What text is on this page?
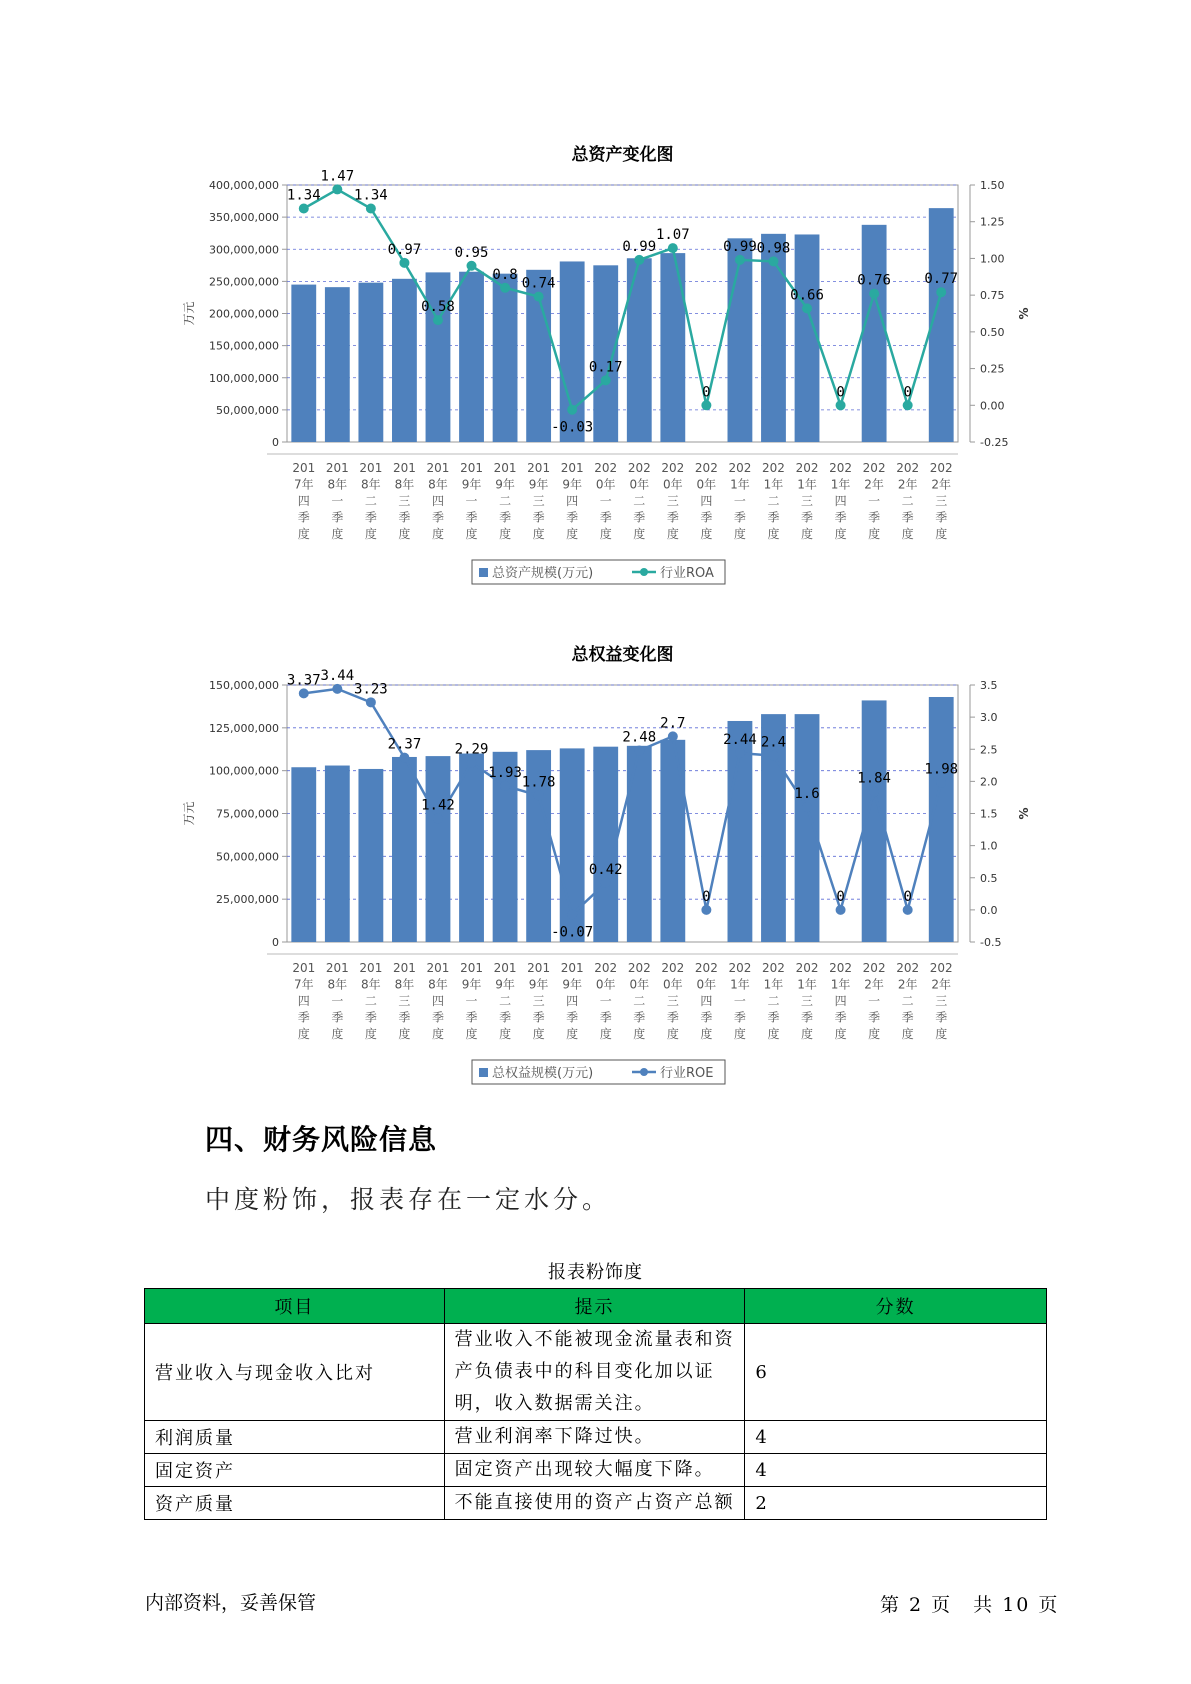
总资产变化图
0
50,000,000
100,000,000
150,000,000
200,000,000
250,000,000
300,000,000
350,000,000
400,000,000
-0.25
0.00
0.25
0.50
0.75
1.00
1.25
1.50
万元	%
1.34
1.47
1.34
0.97
0.58
0.95
0.8
0.74
-0.03
0.17
0.99
1.07
0
0.99 0.98
0.66
0
0.76
0
0.77
201 7年四季度
201 8年一季度
201 8年二季度
201 8年三季度
201 8年四季度
201 9年一季度
201 9年二季度
201 9年三季度
201 9年四季度
202 0年一季度
202 0年二季度
202 0年三季度
202 0年四季度
202 1年一季度
202 1年二季度
202 1年三季度
202 1年四季度
202 2年一季度
202 2年二季度
202 2年三季度
总资产规模(万元)	行业ROA
总权益变化图
0
25,000,000
50,000,000
75,000,000
100,000,000
125,000,000
150,000,000
-0.5
0.0
0.5
1.0
1.5
2.0
2.5
3.0
3.5
万元	%
3.37 3.44
3.23
2.37
1.42
2.29
1.93
1.78
-0.07
0.42
2.48
2.7
0
2.44 2.4
1.6
0
1.84
0
1.98
201 7年四季度
201 8年一季度
201 8年二季度
201 8年三季度
201 8年四季度
201 9年一季度
201 9年二季度
201 9年三季度
201 9年四季度
202 0年一季度
202 0年二季度
202 0年三季度
202 0年四季度
202 1年一季度
202 1年二季度
202 1年三季度
202 1年四季度
202 2年一季度
202 2年二季度
202 2年三季度
总权益规模(万元)	行业ROE
四、财务风险信息
中度粉饰，报表存在一定水分。
报表粉饰度
项目	提示	分数
营业收入与现金收入比对	营业收入不能被现金流量表和资产负债表中的科目变化加以证明，收入数据需关注。	6
利润质量	营业利润率下降过快。	4
固定资产	固定资产出现较大幅度下降。	4
资产质量	不能直接使用的资产占资产总额	2
内部资料，妥善保管	第 2 页　共 10 页
